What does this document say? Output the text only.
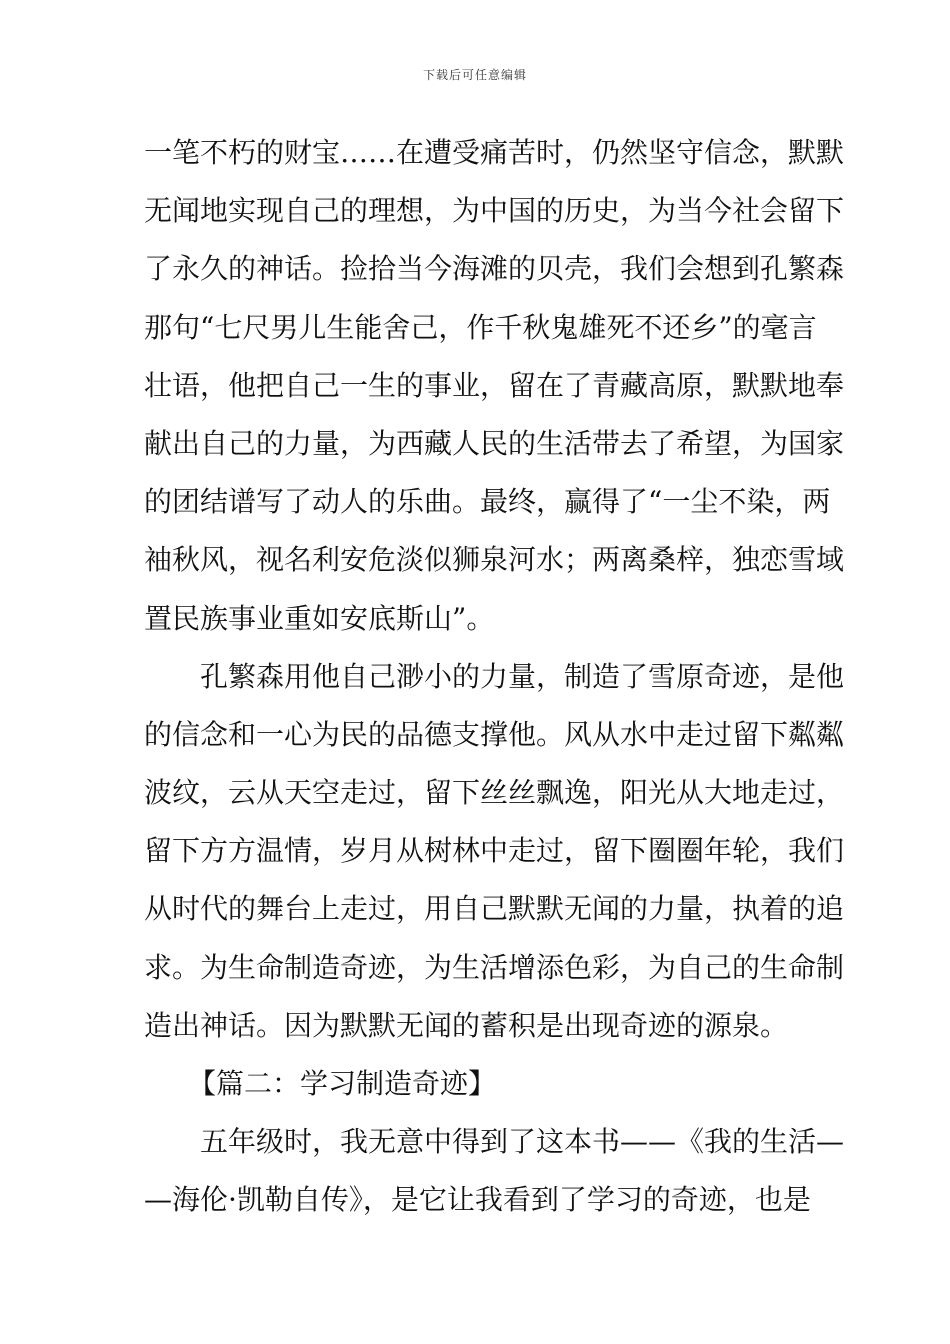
下载后可任意编辑
一笔不朽的财宝……在遭受痛苦时，仍然坚守信念，默默
无闻地实现自己的理想，为中国的历史，为当今社会留下
了永久的神话。捡拾当今海滩的贝壳，我们会想到孔繁森
那句“七尺男儿生能舍己，作千秋鬼雄死不还乡”的毫言
壮语，他把自己一生的事业，留在了青藏高原，默默地奉
献出自己的力量，为西藏人民的生活带去了希望，为国家
的团结谱写了动人的乐曲。最终，赢得了“一尘不染，两
袖秋风，视名利安危淡似狮泉河水；两离桑梓，独恋雪域
置民族事业重如安底斯山”。
孔繁森用他自己渺小的力量，制造了雪原奇迹，是他
的信念和一心为民的品德支撑他。风从水中走过留下粼粼
波纹，云从天空走过，留下丝丝飘逸，阳光从大地走过，
留下方方温情，岁月从树林中走过，留下圈圈年轮，我们
从时代的舞台上走过，用自己默默无闻的力量，执着的追
求。为生命制造奇迹，为生活增添色彩，为自己的生命制
造出神话。因为默默无闻的蓄积是出现奇迹的源泉。
【篇二：学习制造奇迹】
五年级时，我无意中得到了这本书——《我的生活—
—海伦·凯勒自传》，是它让我看到了学习的奇迹，也是
